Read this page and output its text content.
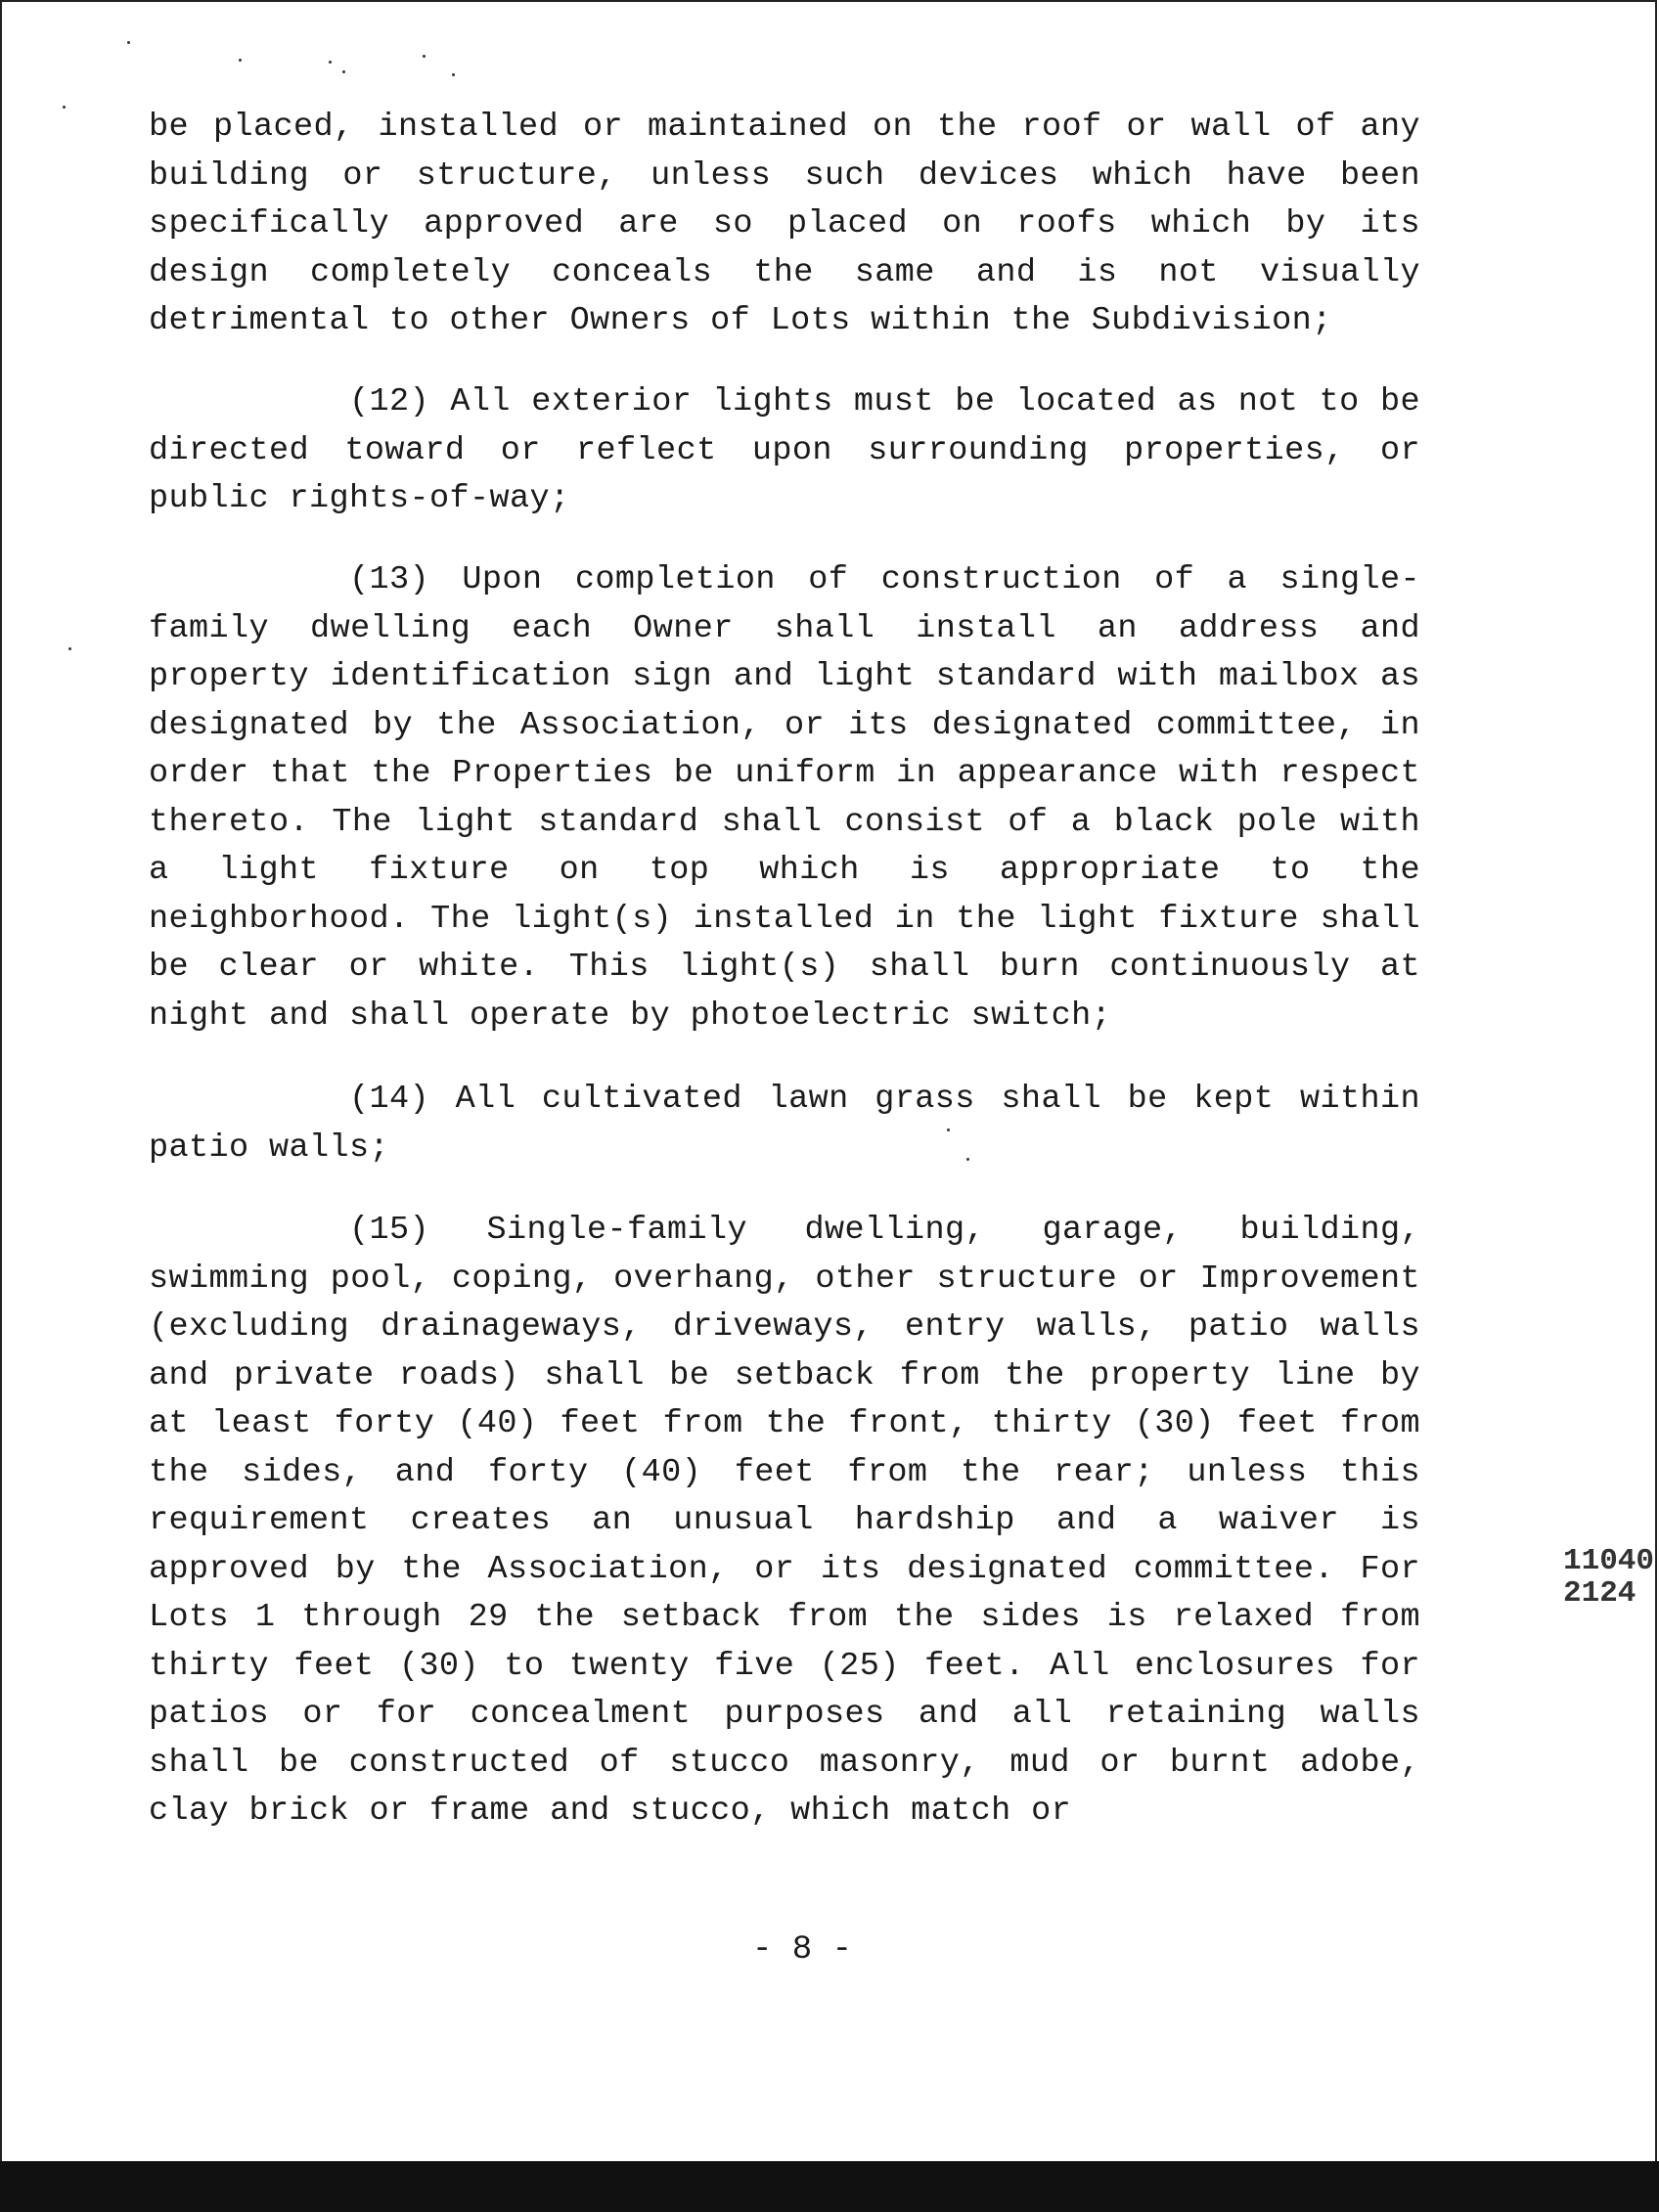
be placed, installed or maintained on the roof or wall of any building or structure, unless such devices which have been specifically approved are so placed on roofs which by its design completely conceals the same and is not visually detrimental to other Owners of Lots within the Subdivision;
(12) All exterior lights must be located as not to be directed toward or reflect upon surrounding properties, or public rights-of-way;
(13) Upon completion of construction of a single-family dwelling each Owner shall install an address and property identification sign and light standard with mailbox as designated by the Association, or its designated committee, in order that the Properties be uniform in appearance with respect thereto. The light standard shall consist of a black pole with a light fixture on top which is appropriate to the neighborhood. The light(s) installed in the light fixture shall be clear or white. This light(s) shall burn continuously at night and shall operate by photoelectric switch;
(14) All cultivated lawn grass shall be kept within patio walls;
(15) Single-family dwelling, garage, building, swimming pool, coping, overhang, other structure or Improvement (excluding drainageways, driveways, entry walls, patio walls and private roads) shall be setback from the property line by at least forty (40) feet from the front, thirty (30) feet from the sides, and forty (40) feet from the rear; unless this requirement creates an unusual hardship and a waiver is approved by the Association, or its designated committee. For Lots 1 through 29 the setback from the sides is relaxed from thirty feet (30) to twenty five (25) feet. All enclosures for patios or for concealment purposes and all retaining walls shall be constructed of stucco masonry, mud or burnt adobe, clay brick or frame and stucco, which match or
- 8 -
11040
2124
